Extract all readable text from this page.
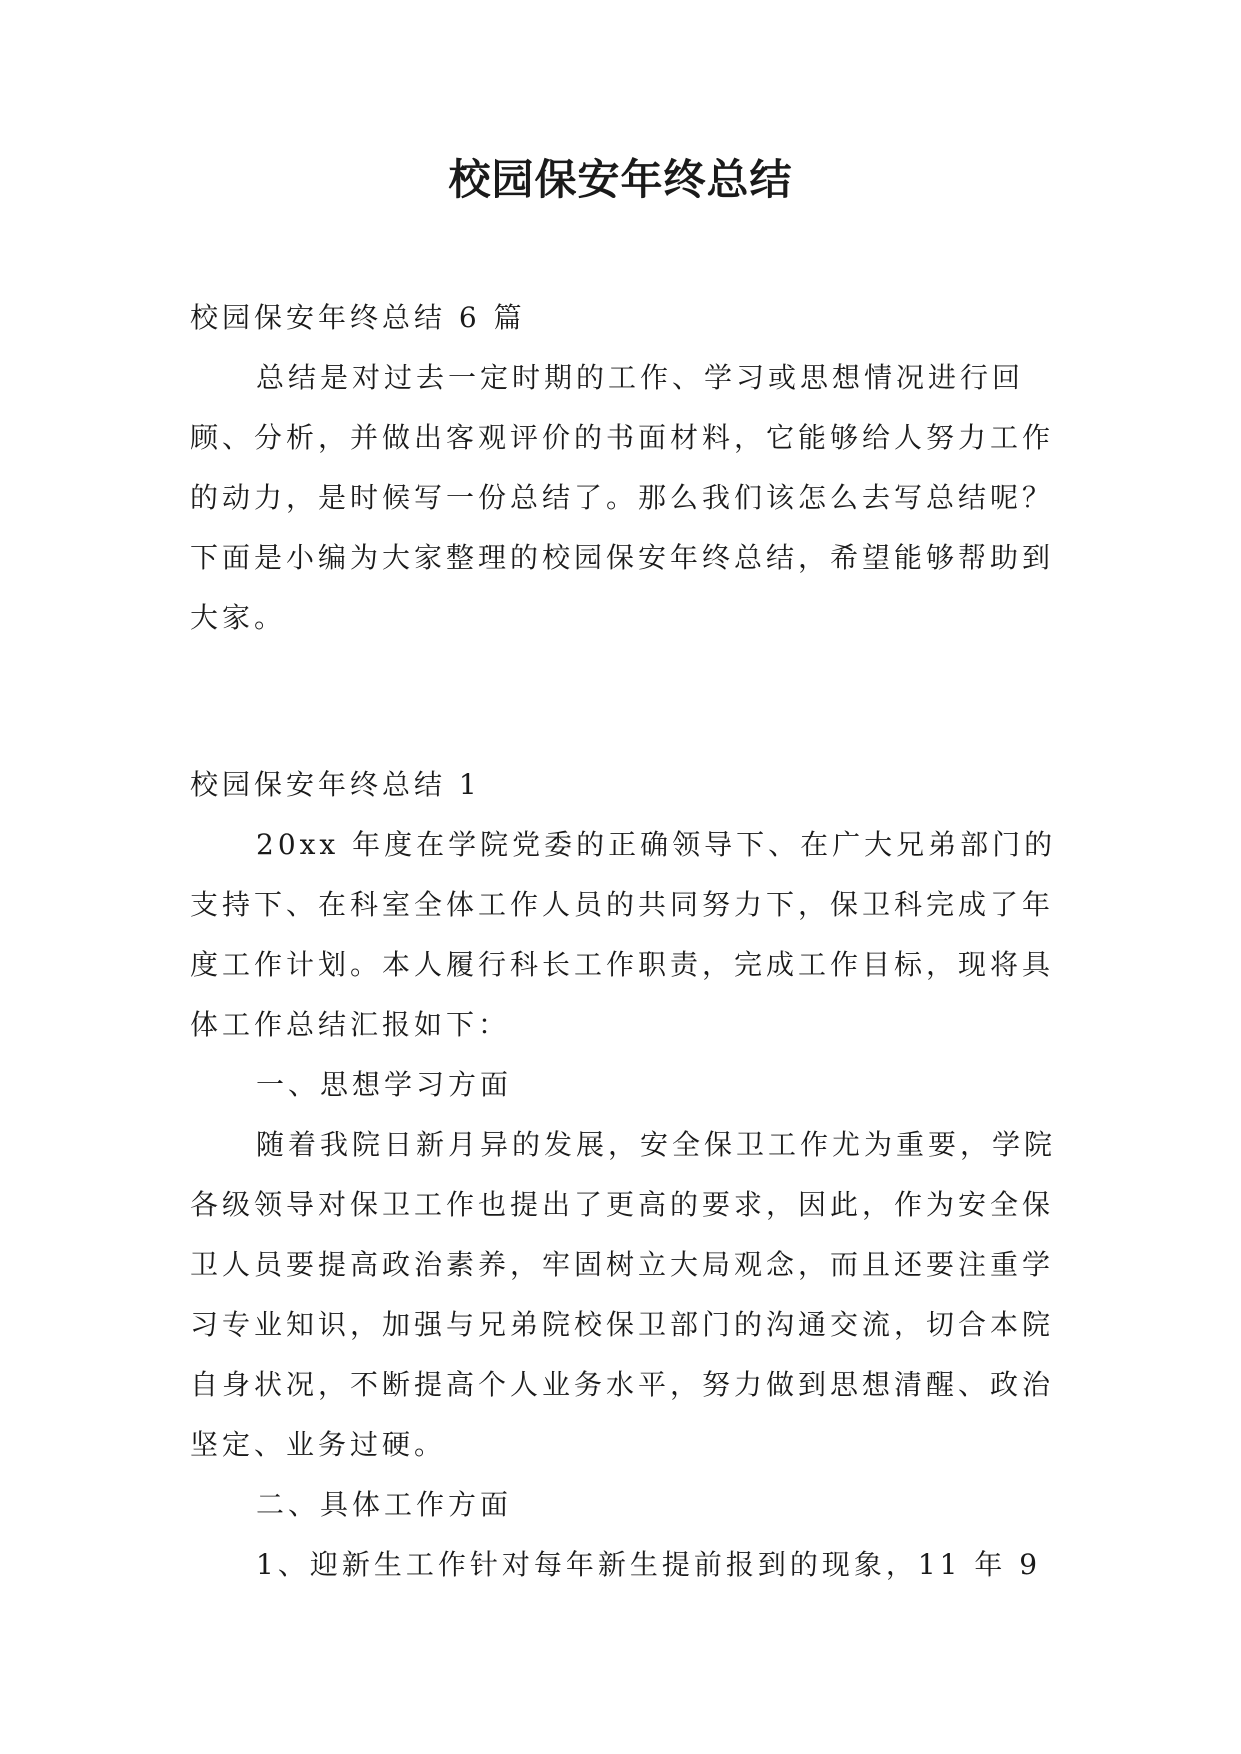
校园保安年终总结

校园保安年终总结 6 篇

总结是对过去一定时期的工作、学习或思想情况进行回顾、分析，并做出客观评价的书面材料，它能够给人努力工作的动力，是时候写一份总结了。那么我们该怎么去写总结呢？下面是小编为大家整理的校园保安年终总结，希望能够帮助到大家。

校园保安年终总结 1

20xx 年度在学院党委的正确领导下、在广大兄弟部门的支持下、在科室全体工作人员的共同努力下，保卫科完成了年度工作计划。本人履行科长工作职责，完成工作目标，现将具体工作总结汇报如下：

一、思想学习方面

随着我院日新月异的发展，安全保卫工作尤为重要，学院各级领导对保卫工作也提出了更高的要求，因此，作为安全保卫人员要提高政治素养，牢固树立大局观念，而且还要注重学习专业知识，加强与兄弟院校保卫部门的沟通交流，切合本院自身状况，不断提高个人业务水平，努力做到思想清醒、政治坚定、业务过硬。

二、具体工作方面

1、迎新生工作针对每年新生提前报到的现象，11 年 9
